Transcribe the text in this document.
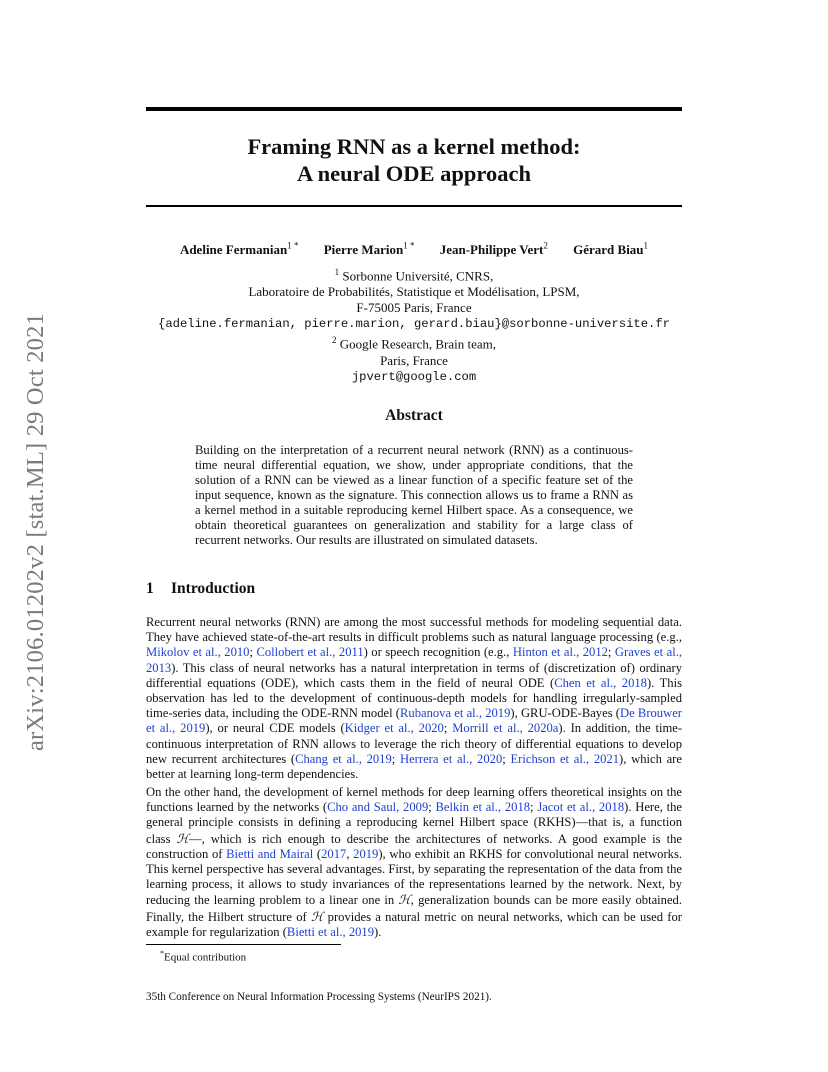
arXiv:2106.01202v2 [stat.ML] 29 Oct 2021
Framing RNN as a kernel method:
A neural ODE approach
Adeline Fermanian$^{1 *}$ Pierre Marion$^{1 *}$ Jean-Philippe Vert$^2$ Gérard Biau$^1$
$^1$ Sorbonne Université, CNRS,
Laboratoire de Probabilités, Statistique et Modélisation, LPSM,
F-75005 Paris, France
{adeline.fermanian, pierre.marion, gerard.biau}@sorbonne-universite.fr
$^2$ Google Research, Brain team,
Paris, France
jpvert@google.com
Abstract
Building on the interpretation of a recurrent neural network (RNN) as a continuous-time neural differential equation, we show, under appropriate conditions, that the solution of a RNN can be viewed as a linear function of a specific feature set of the input sequence, known as the signature. This connection allows us to frame a RNN as a kernel method in a suitable reproducing kernel Hilbert space. As a consequence, we obtain theoretical guarantees on generalization and stability for a large class of recurrent networks. Our results are illustrated on simulated datasets.
1 Introduction
Recurrent neural networks (RNN) are among the most successful methods for modeling sequential data. They have achieved state-of-the-art results in difficult problems such as natural language processing (e.g., Mikolov et al., 2010; Collobert et al., 2011) or speech recognition (e.g., Hinton et al., 2012; Graves et al., 2013). This class of neural networks has a natural interpretation in terms of (discretization of) ordinary differential equations (ODE), which casts them in the field of neural ODE (Chen et al., 2018). This observation has led to the development of continuous-depth models for handling irregularly-sampled time-series data, including the ODE-RNN model (Rubanova et al., 2019), GRU-ODE-Bayes (De Brouwer et al., 2019), or neural CDE models (Kidger et al., 2020; Morrill et al., 2020a). In addition, the time-continuous interpretation of RNN allows to leverage the rich theory of differential equations to develop new recurrent architectures (Chang et al., 2019; Herrera et al., 2020; Erichson et al., 2021), which are better at learning long-term dependencies.
On the other hand, the development of kernel methods for deep learning offers theoretical insights on the functions learned by the networks (Cho and Saul, 2009; Belkin et al., 2018; Jacot et al., 2018). Here, the general principle consists in defining a reproducing kernel Hilbert space (RKHS)—that is, a function class ℋ—, which is rich enough to describe the architectures of networks. A good example is the construction of Bietti and Mairal (2017, 2019), who exhibit an RKHS for convolutional neural networks. This kernel perspective has several advantages. First, by separating the representation of the data from the learning process, it allows to study invariances of the representations learned by the network. Next, by reducing the learning problem to a linear one in ℋ, generalization bounds can be more easily obtained. Finally, the Hilbert structure of ℋ provides a natural metric on neural networks, which can be used for example for regularization (Bietti et al., 2019).
*Equal contribution
35th Conference on Neural Information Processing Systems (NeurIPS 2021).
